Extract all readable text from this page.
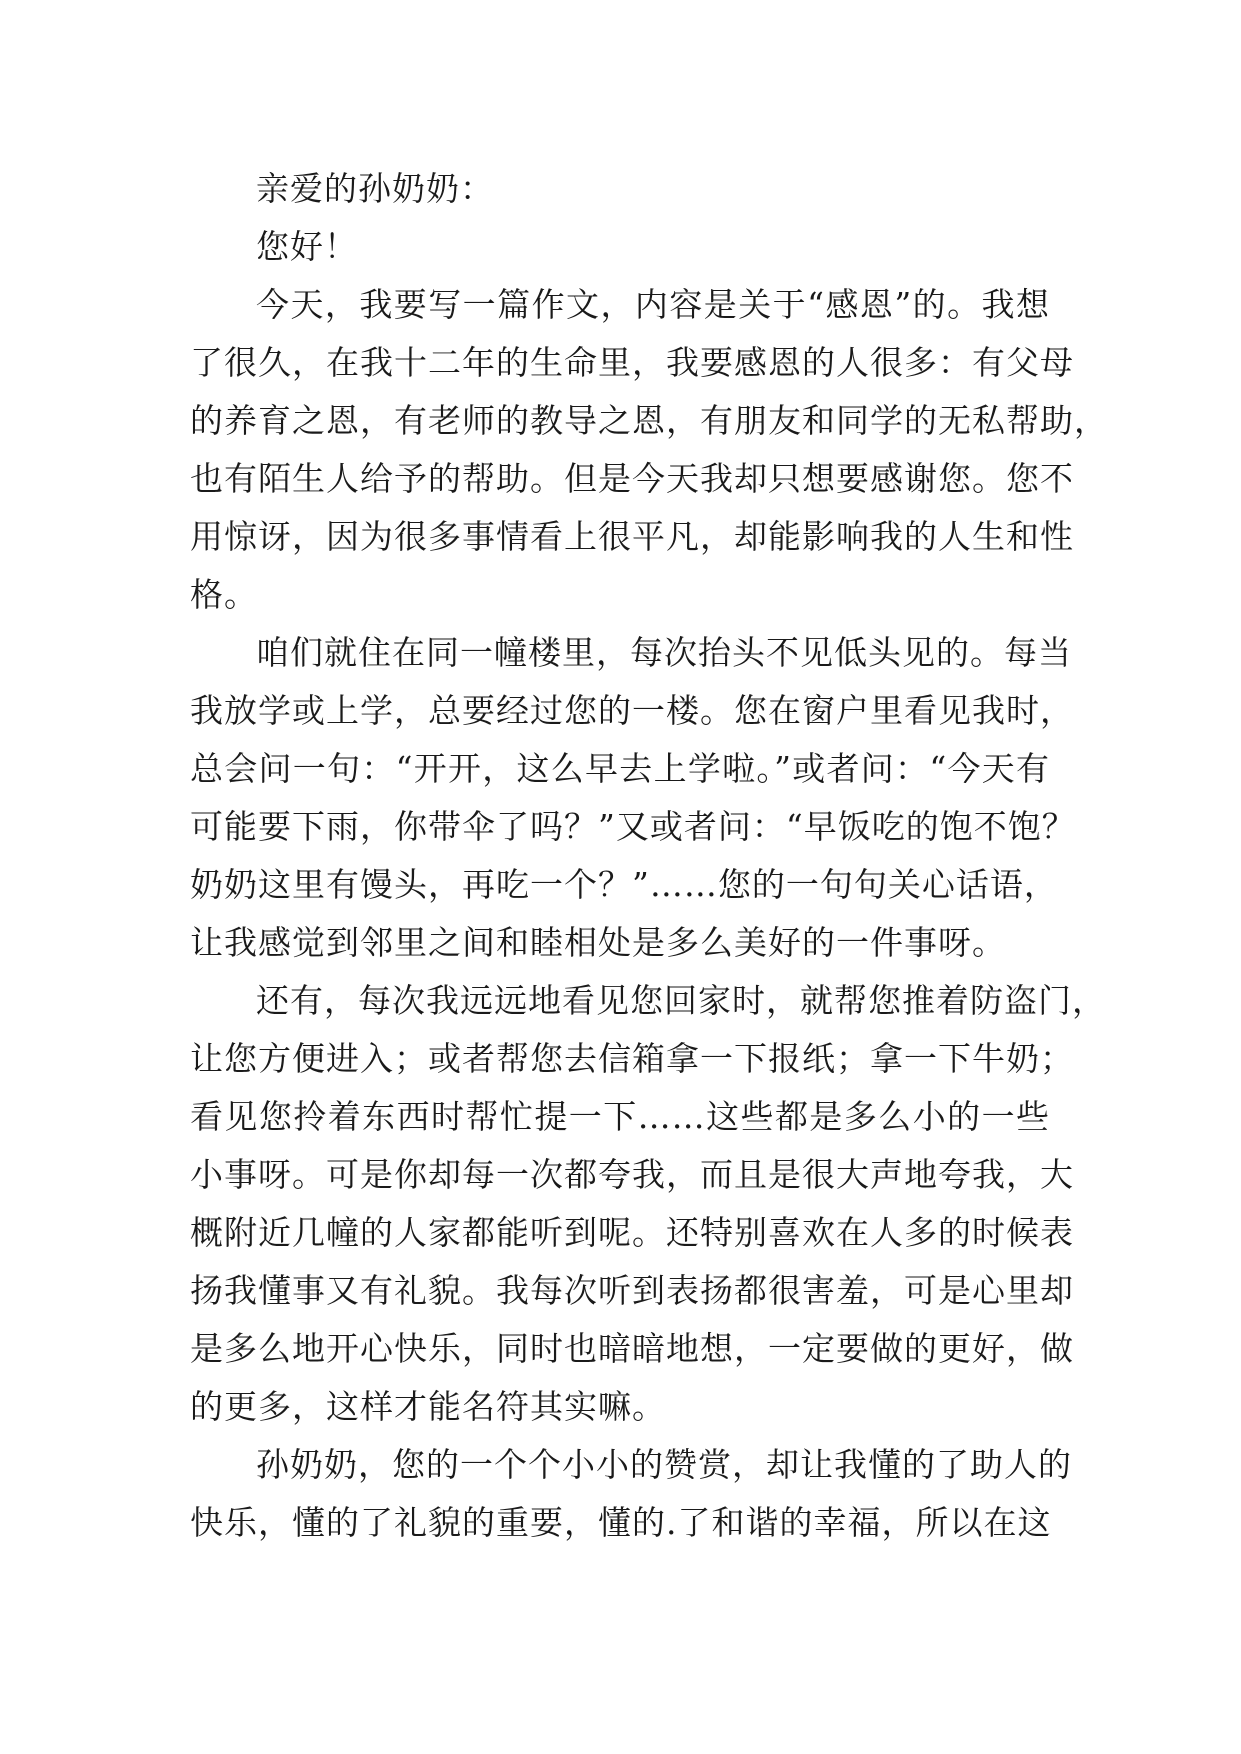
亲爱的孙奶奶：
您好！
今天，我要写一篇作文，内容是关于“感恩”的。我想
了很久，在我十二年的生命里，我要感恩的人很多：有父母
的养育之恩，有老师的教导之恩，有朋友和同学的无私帮助，
也有陌生人给予的帮助。但是今天我却只想要感谢您。您不
用惊讶，因为很多事情看上很平凡，却能影响我的人生和性
格。
咱们就住在同一幢楼里，每次抬头不见低头见的。每当
我放学或上学，总要经过您的一楼。您在窗户里看见我时，
总会问一句：“开开，这么早去上学啦。”或者问：“今天有
可能要下雨，你带伞了吗？”又或者问：“早饭吃的饱不饱？
奶奶这里有馒头，再吃一个？”……您的一句句关心话语，
让我感觉到邻里之间和睦相处是多么美好的一件事呀。
还有，每次我远远地看见您回家时，就帮您推着防盗门，
让您方便进入；或者帮您去信箱拿一下报纸；拿一下牛奶；
看见您拎着东西时帮忙提一下……这些都是多么小的一些
小事呀。可是你却每一次都夸我，而且是很大声地夸我，大
概附近几幢的人家都能听到呢。还特别喜欢在人多的时候表
扬我懂事又有礼貌。我每次听到表扬都很害羞，可是心里却
是多么地开心快乐，同时也暗暗地想，一定要做的更好，做
的更多，这样才能名符其实嘛。
孙奶奶，您的一个个小小的赞赏，却让我懂的了助人的
快乐，懂的了礼貌的重要，懂的.了和谐的幸福，所以在这
